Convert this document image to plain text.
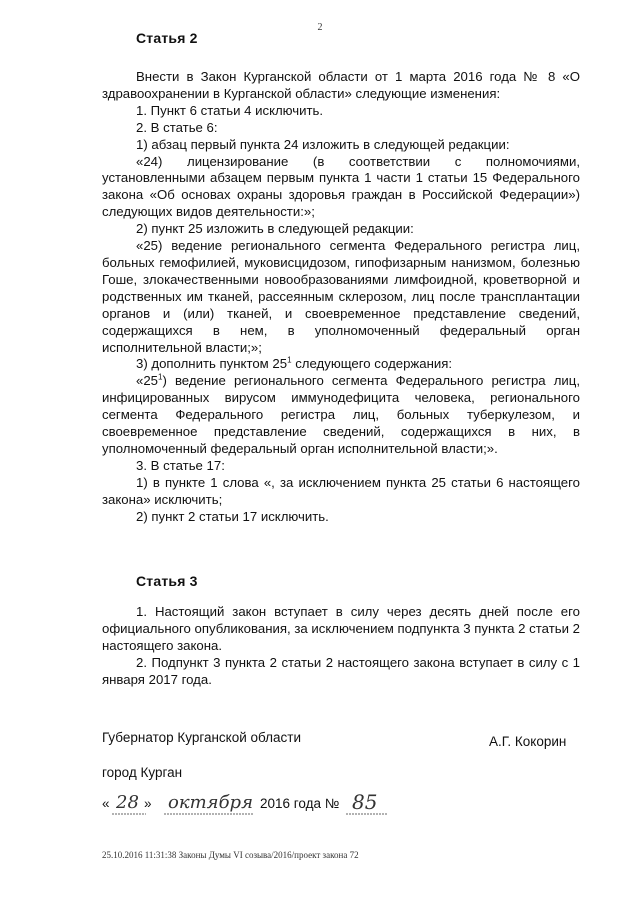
2
Статья 2

Внести в Закон Курганской области от 1 марта 2016 года № 8 «О здравоохранении в Курганской области» следующие изменения:

1. Пункт 6 статьи 4 исключить.

2. В статье 6:

1) абзац первый пункта 24 изложить в следующей редакции:

«24) лицензирование (в соответствии с полномочиями, установленными абзацем первым пункта 1 части 1 статьи 15 Федерального закона «Об основах охраны здоровья граждан в Российской Федерации») следующих видов деятельности:»;

2) пункт 25 изложить в следующей редакции:

«25) ведение регионального сегмента Федерального регистра лиц, больных гемофилией, муковисцидозом, гипофизарным нанизмом, болезнью Гоше, злокачественными новообразованиями лимфоидной, кроветворной и родственных им тканей, рассеянным склерозом, лиц после трансплантации органов и (или) тканей, и своевременное представление сведений, содержащихся в нем, в уполномоченный федеральный орган исполнительной власти;»;

3) дополнить пунктом $25^1$ следующего содержания:

«$25^1$) ведение регионального сегмента Федерального регистра лиц, инфицированных вирусом иммунодефицита человека, регионального сегмента Федерального регистра лиц, больных туберкулезом, и своевременное представление сведений, содержащихся в них, в уполномоченный федеральный орган исполнительной власти;».

3. В статье 17:

1) в пункте 1 слова «, за исключением пункта 25 статьи 6 настоящего закона» исключить;

2) пункт 2 статьи 17 исключить.

Статья 3

1. Настоящий закон вступает в силу через десять дней после его официального опубликования, за исключением подпункта 3 пункта 2 статьи 2 настоящего закона.

2. Подпункт 3 пункта 2 статьи 2 настоящего закона вступает в силу с 1 января 2017 года.

Губернатор Курганской области	А.Г. Кокорин
город Курган
« 28 » октября 2016 года № 85
25.10.2016 11:31:38 Законы Думы VI созыва/2016/проект закона 72
